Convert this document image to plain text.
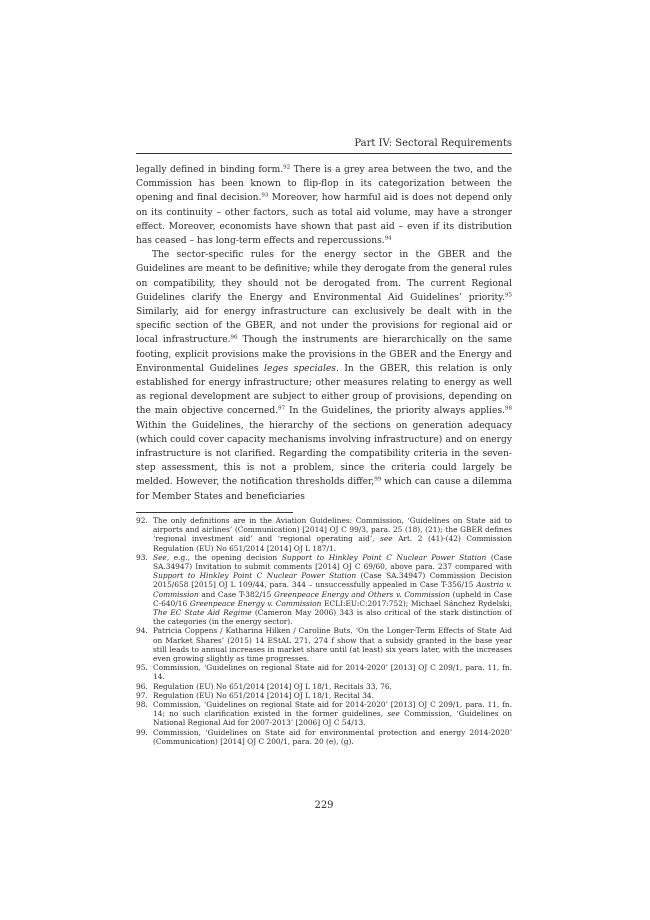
Part IV: Sectoral Requirements

legally defined in binding form.$^{92}$ There is a grey area between the two, and the Commission has been known to flip-flop in its categorization between the opening and final decision.$^{93}$ Moreover, how harmful aid is does not depend only on its continuity – other factors, such as total aid volume, may have a stronger effect. Moreover, economists have shown that past aid – even if its distribution has ceased – has long-term effects and repercussions.$^{94}$

The sector-specific rules for the energy sector in the GBER and the Guidelines are meant to be definitive; while they derogate from the general rules on compatibility, they should not be derogated from. The current Regional Guidelines clarify the Energy and Environmental Aid Guidelines’ priority.$^{95}$ Similarly, aid for energy infrastructure can exclusively be dealt with in the specific section of the GBER, and not under the provisions for regional aid or local infrastructure.$^{96}$ Though the instruments are hierarchically on the same footing, explicit provisions make the provisions in the GBER and the Energy and Environmental Guidelines leges speciales. In the GBER, this relation is only established for energy infrastructure; other measures relating to energy as well as regional development are subject to either group of provisions, depending on the main objective concerned.$^{97}$ In the Guidelines, the priority always applies.$^{98}$ Within the Guidelines, the hierarchy of the sections on generation adequacy (which could cover capacity mechanisms involving infrastructure) and on energy infrastructure is not clarified. Regarding the compatibility criteria in the seven-step assessment, this is not a problem, since the criteria could largely be melded. However, the notification thresholds differ,$^{99}$ which can cause a dilemma for Member States and beneficiaries

92. The only definitions are in the Aviation Guidelines: Commission, ‘Guidelines on State aid to airports and airlines’ (Communication) [2014] OJ C 99/3, para. 25 (18), (21); the GBER defines ‘regional investment aid’ and ‘regional operating aid’, see Art. 2 (41)-(42) Commission Regulation (EU) No 651/2014 [2014] OJ L 187/1.
93. See, e.g., the opening decision Support to Hinkley Point C Nuclear Power Station (Case SA.34947) Invitation to submit comments [2014] OJ C 69/60, above para. 237 compared with Support to Hinkley Point C Nuclear Power Station (Case SA.34947) Commission Decision 2015/658 [2015] OJ L 109/44, para. 344 – unsuccessfully appealed in Case T-356/15 Austria v. Commission and Case T-382/15 Greenpeace Energy and Others v. Commission (upheld in Case C-640/16 Greenpeace Energy v. Commission ECLI:EU:C:2017:752); Michael Sánchez Rydelski, The EC State Aid Regime (Cameron May 2006) 343 is also critical of the stark distinction of the categories (in the energy sector).
94. Patricia Coppens / Katharina Hilken / Caroline Buts, ‘On the Longer-Term Effects of State Aid on Market Shares’ (2015) 14 EStAL 271, 274 f show that a subsidy granted in the base year still leads to annual increases in market share until (at least) six years later, with the increases even growing slightly as time progresses.
95. Commission, ‘Guidelines on regional State aid for 2014-2020’ [2013] OJ C 209/1, para. 11, fn. 14.
96. Regulation (EU) No 651/2014 [2014] OJ L 18/1, Recitals 33, 76.
97. Regulation (EU) No 651/2014 [2014] OJ L 18/1, Recital 34.
98. Commission, ‘Guidelines on regional State aid for 2014-2020’ [2013] OJ C 209/1, para. 11, fn. 14; no such clarification existed in the former guidelines, see Commission, ‘Guidelines on National Regional Aid for 2007-2013’ [2006] OJ C 54/13.
99. Commission, ‘Guidelines on State aid for environmental protection and energy 2014-2020’ (Communication) [2014] OJ C 200/1, para. 20 (e), (g).
229
